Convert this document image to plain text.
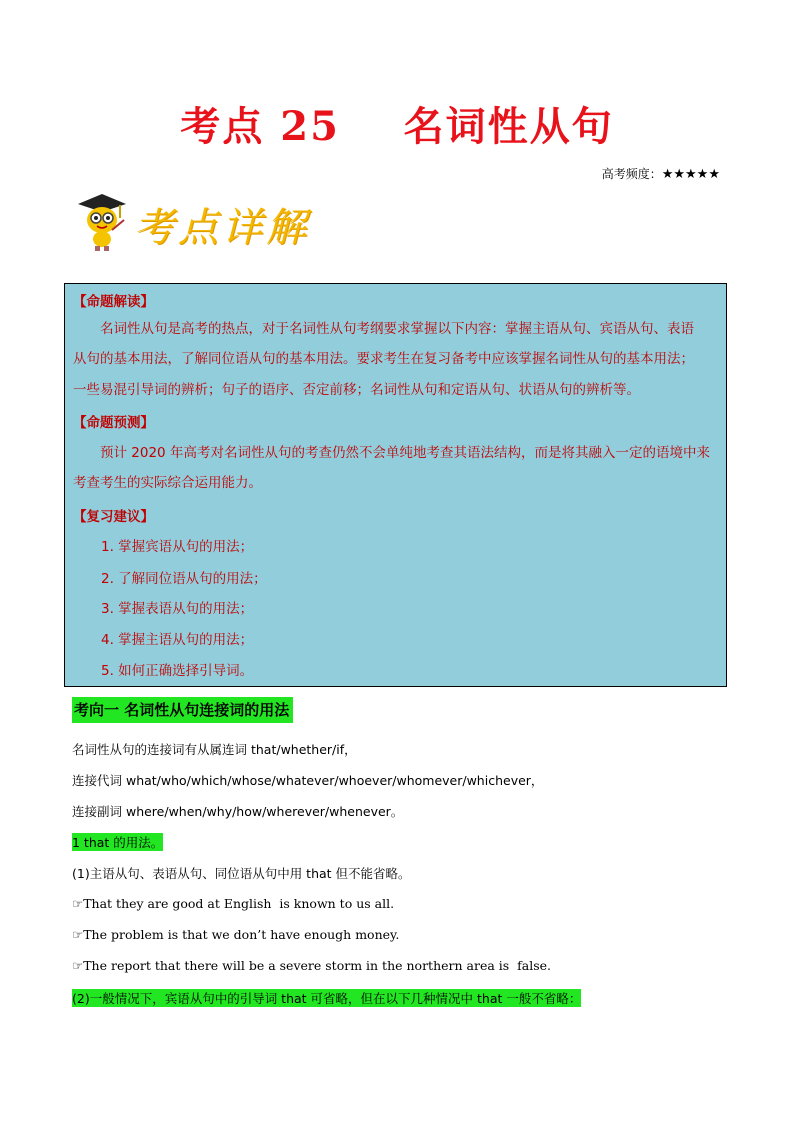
考点 25    名词性从句
高考频度：★★★★★
考点详解
【命题解读】
名词性从句是高考的热点，对于名词性从句考纲要求掌握以下内容：掌握主语从句、宾语从句、表语
从句的基本用法，了解同位语从句的基本用法。要求考生在复习备考中应该掌握名词性从句的基本用法；
一些易混引导词的辨析；句子的语序、否定前移；名词性从句和定语从句、状语从句的辨析等。
【命题预测】
预计 2020 年高考对名词性从句的考查仍然不会单纯地考查其语法结构，而是将其融入一定的语境中来
考查考生的实际综合运用能力。
【复习建议】
1. 掌握宾语从句的用法；
2. 了解同位语从句的用法；
3. 掌握表语从句的用法；
4. 掌握主语从句的用法；
5. 如何正确选择引导词。
考向一 名词性从句连接词的用法
名词性从句的连接词有从属连词 that/whether/if，
连接代词 what/who/which/whose/whatever/whoever/whomever/whichever，
连接副词 where/when/why/how/wherever/whenever。
1 that 的用法。
(1)主语从句、表语从句、同位语从句中用 that 但不能省略。
☞That they are good at English  is known to us all.
☞The problem is that we don’t have enough money.
☞The report that there will be a severe storm in the northern area is  false.
(2)一般情况下，宾语从句中的引导词 that 可省略，但在以下几种情况中 that 一般不省略：
